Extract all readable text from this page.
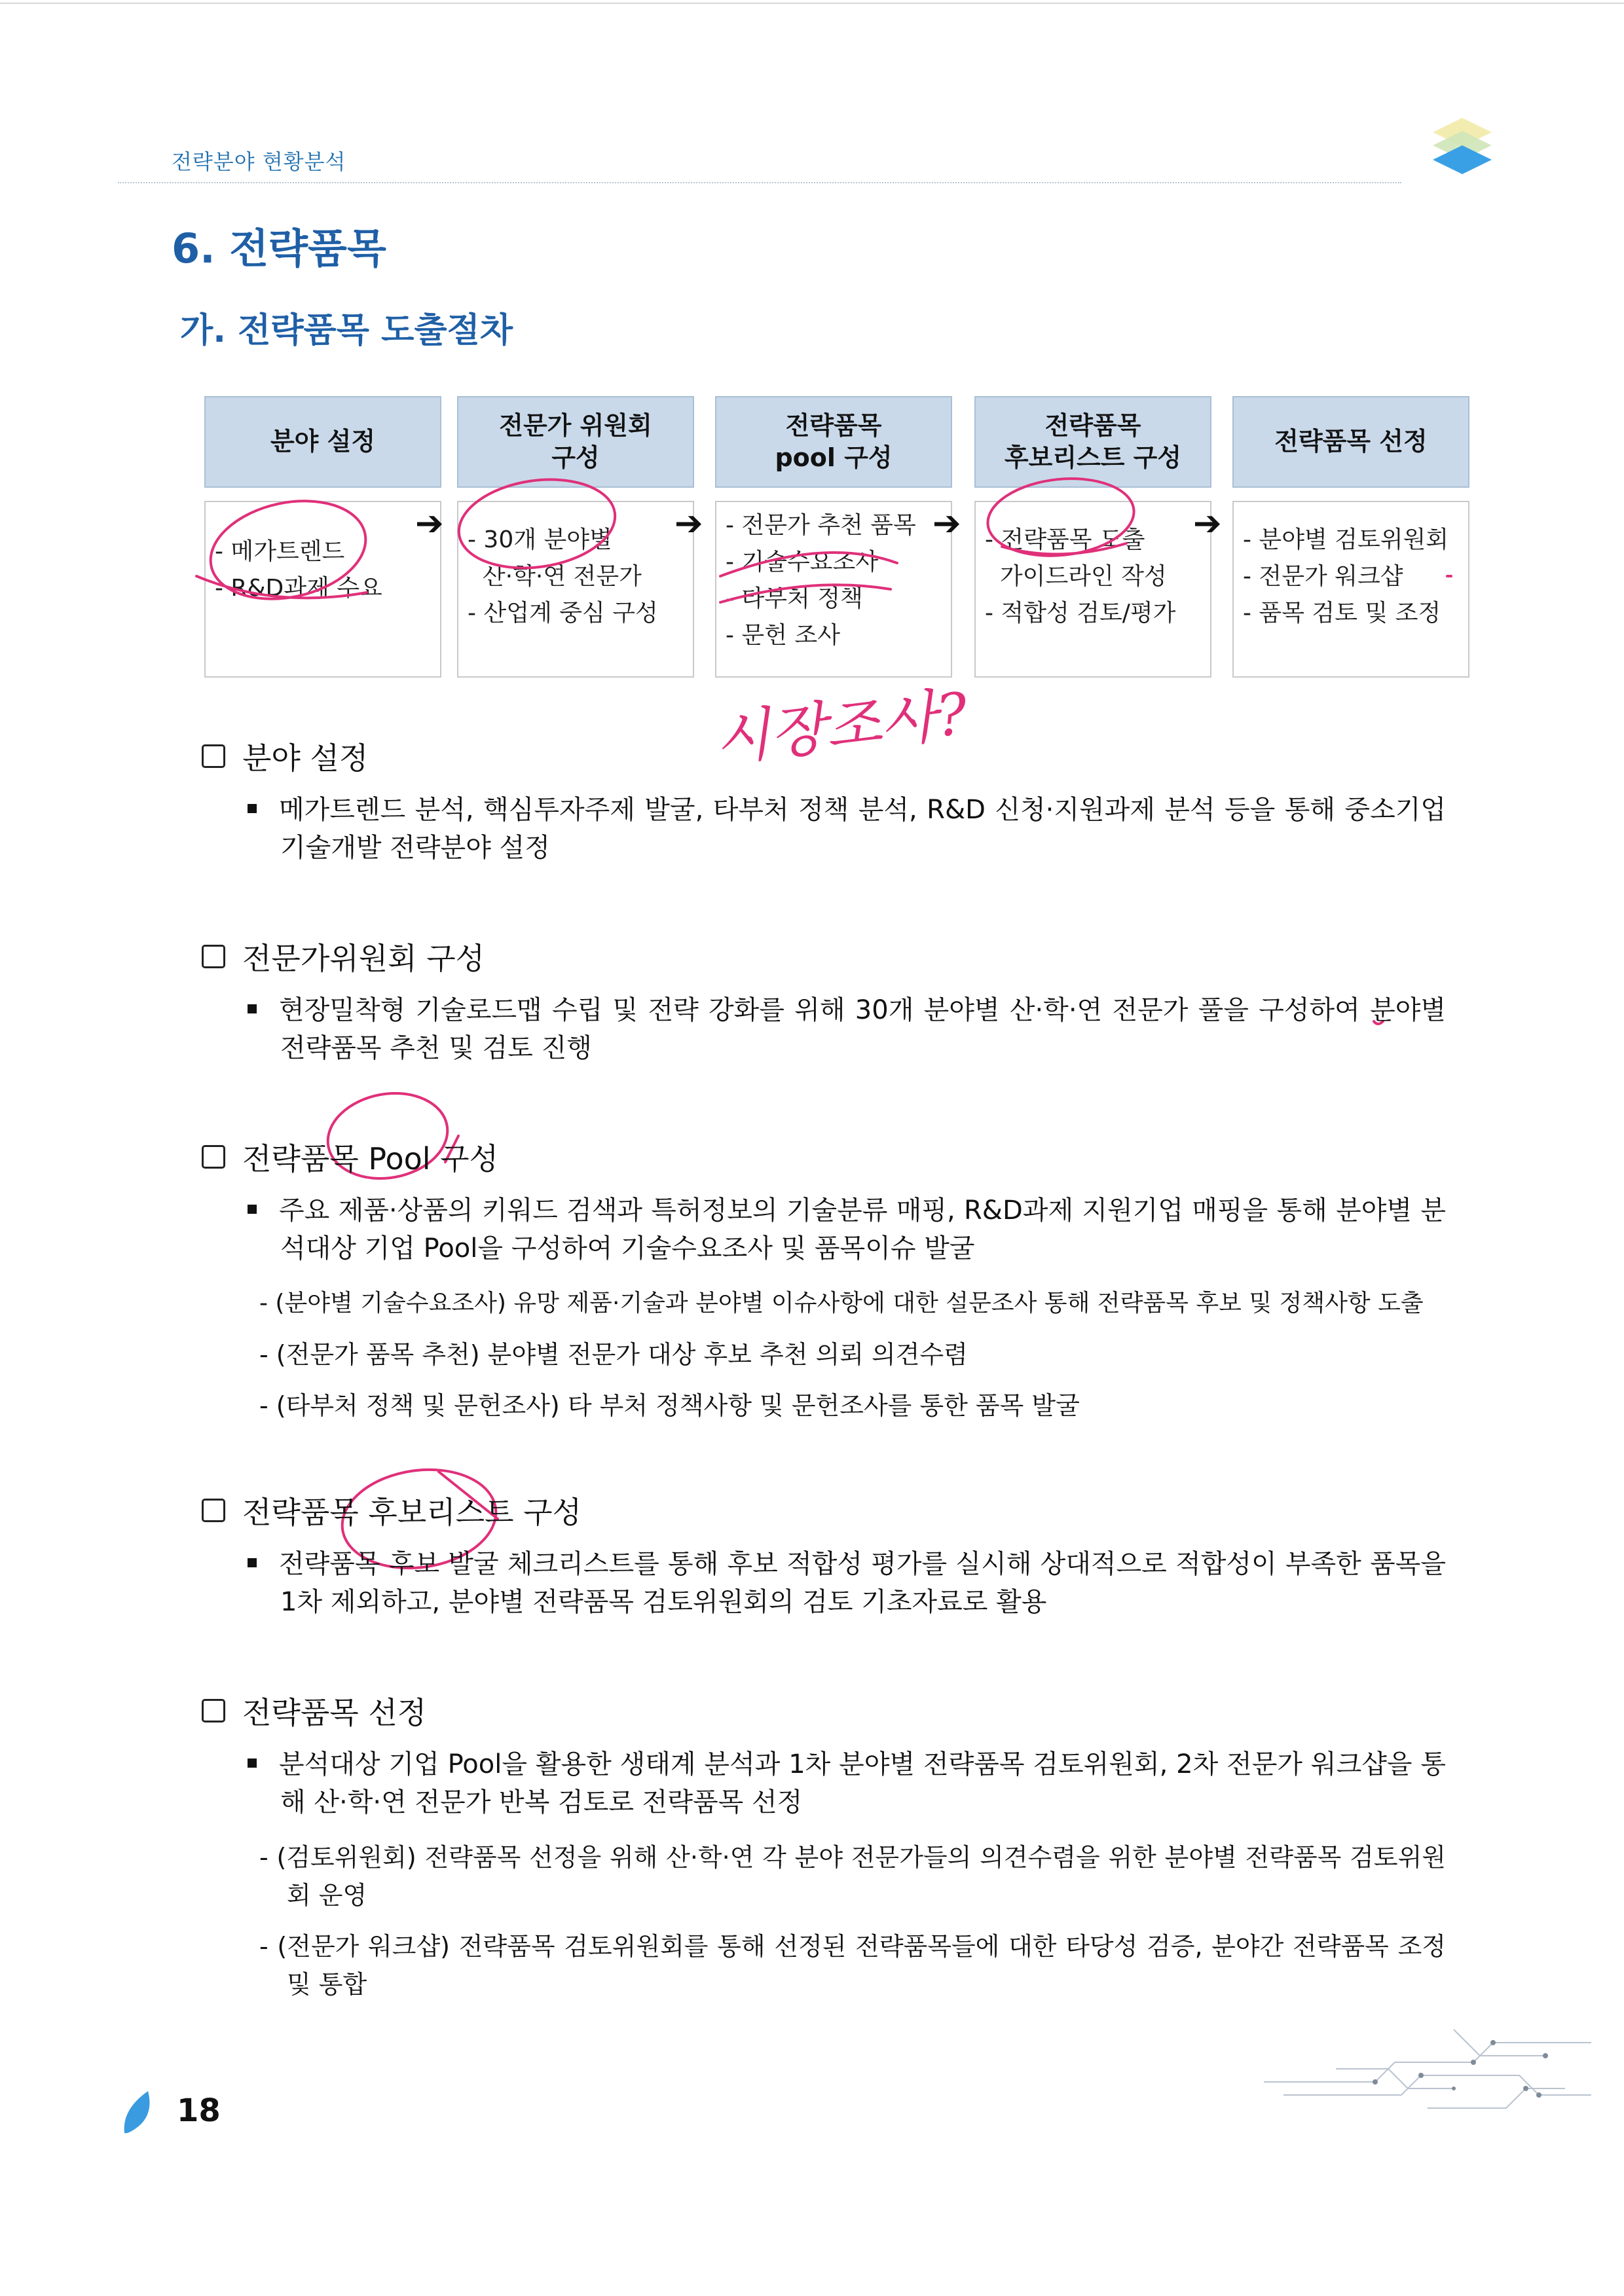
전략분야 현황분석
6. 전략품목
가. 전략품목 도출절차
분야 설정
- 메가트렌드
- R&D과제 수요
➔
전문가 위원회
구성
- 30개 분야별
산·학·연 전문가
- 산업계 중심 구성
➔
전략품목
pool 구성
- 전문가 추천 품목
- 기술수요조사
- 타부처 정책
- 문헌 조사
➔
전략품목
후보리스트 구성
- 전략품목 도출
가이드라인 작성
- 적합성 검토/평가
➔
전략품목 선정
- 분야별 검토위원회
- 전문가 워크샵
- 품목 검토 및 조정
시장조사?
분야 설정
메가트렌드 분석, 핵심투자주제 발굴, 타부처 정책 분석, R&D 신청·지원과제 분석 등을 통해 중소기업 기술개발 전략분야 설정
전문가위원회 구성
현장밀착형 기술로드맵 수립 및 전략 강화를 위해 30개 분야별 산·학·연 전문가 풀을 구성하여 분야별 전략품목 추천 및 검토 진행
전략품목 Pool 구성
주요 제품·상품의 키워드 검색과 특허정보의 기술분류 매핑, R&D과제 지원기업 매핑을 통해 분야별 분석대상 기업 Pool을 구성하여 기술수요조사 및 품목이슈 발굴
- (분야별 기술수요조사) 유망 제품·기술과 분야별 이슈사항에 대한 설문조사 통해 전략품목 후보 및 정책사항 도출
- (전문가 품목 추천) 분야별 전문가 대상 후보 추천 의뢰 의견수렴
- (타부처 정책 및 문헌조사) 타 부처 정책사항 및 문헌조사를 통한 품목 발굴
전략품목 후보리스트 구성
전략품목 후보 발굴 체크리스트를 통해 후보 적합성 평가를 실시해 상대적으로 적합성이 부족한 품목을 1차 제외하고, 분야별 전략품목 검토위원회의 검토 기초자료로 활용
전략품목 선정
분석대상 기업 Pool을 활용한 생태계 분석과 1차 분야별 전략품목 검토위원회, 2차 전문가 워크샵을 통해 산·학·연 전문가 반복 검토로 전략품목 선정
- (검토위원회) 전략품목 선정을 위해 산·학·연 각 분야 전문가들의 의견수렴을 위한 분야별 전략품목 검토위원회 운영
- (전문가 워크샵) 전략품목 검토위원회를 통해 선정된 전략품목들에 대한 타당성 검증, 분야간 전략품목 조정 및 통합
18
